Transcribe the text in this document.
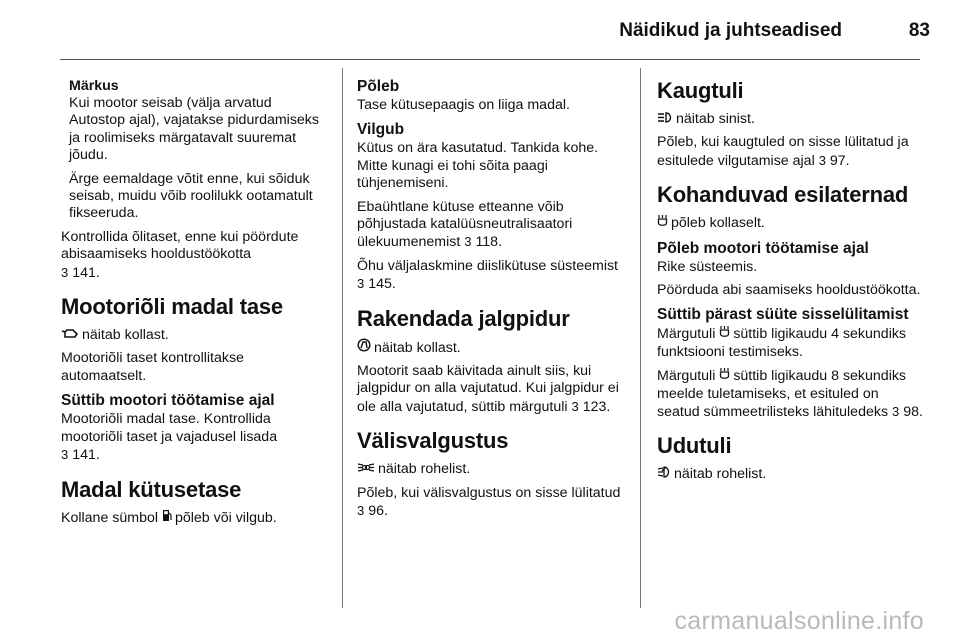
Näidikud ja juhtseadised	83
Märkus

Kui mootor seisab (välja arvatud Autostop ajal), vajatakse pidurdamiseks ja roolimiseks märgatavalt suuremat jõudu.

Ärge eemaldage võtit enne, kui sõiduk seisab, muidu võib roolilukk ootamatult fikseeruda.

Kontrollida õlitaset, enne kui pöördute abisaamiseks hooldustöökotta
3 141.

Mootoriõli madal tase

näitab kollast.

Mootoriõli taset kontrollitakse automaatselt.

Süttib mootori töötamise ajal

Mootoriõli madal tase. Kontrollida mootoriõli taset ja vajadusel lisada
3 141.

Madal kütusetase

Kollane sümbol põleb või vilgub.

Põleb

Tase kütusepaagis on liiga madal.

Vilgub

Kütus on ära kasutatud. Tankida kohe. Mitte kunagi ei tohi sõita paagi tühjenemiseni.

Ebaühtlane kütuse etteanne võib põhjustada katalüüsneutralisaatori ülekuumenemist 3 118.

Õhu väljalaskmine diislikütuse süsteemist 3 145.

Rakendada jalgpidur

näitab kollast.

Mootorit saab käivitada ainult siis, kui jalgpidur on alla vajutatud. Kui jalgpidur ei ole alla vajutatud, süttib märgutuli 3 123.

Välisvalgustus

näitab rohelist.

Põleb, kui välisvalgustus on sisse lülitatud 3 96.

Kaugtuli

näitab sinist.

Põleb, kui kaugtuled on sisse lülitatud ja esitulede vilgutamise ajal 3 97.

Kohanduvad esilaternad

põleb kollaselt.

Põleb mootori töötamise ajal

Rike süsteemis.

Pöörduda abi saamiseks hooldustöökotta.

Süttib pärast süüte sisselülitamist

Märgutuli süttib ligikaudu 4 sekundiks funktsiooni testimiseks.

Märgutuli süttib ligikaudu 8 sekundiks meelde tuletamiseks, et esituled on seatud sümmeetrilisteks lähituledeks 3 98.

Udutuli

näitab rohelist.

carmanualsonline.info
